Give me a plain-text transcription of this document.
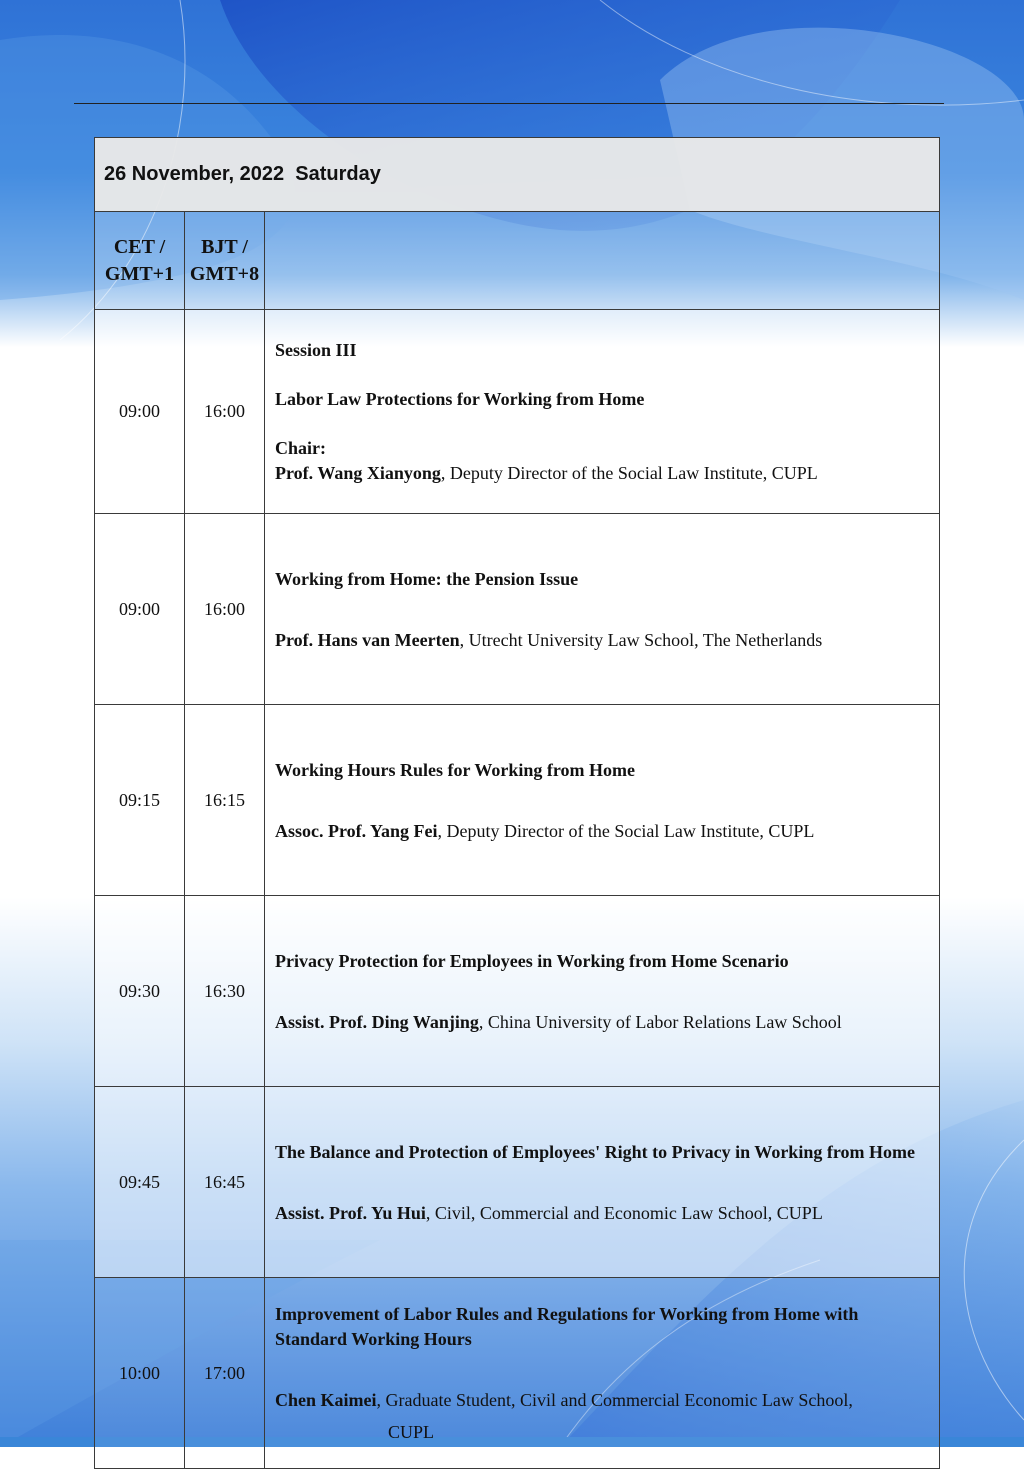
26 November, 2022  Saturday		
CET /
GMT+1	BJT /
GMT+8	
09:00	16:00	Session III
Labor Law Protections for Working from Home
Chair:
Prof. Wang Xianyong, Deputy Director of the Social Law Institute, CUPL

09:00	16:00	Working from Home: the Pension Issue
Prof. Hans van Meerten, Utrecht University Law School, The Netherlands

09:15	16:15	Working Hours Rules for Working from Home
Assoc. Prof. Yang Fei, Deputy Director of the Social Law Institute, CUPL

09:30	16:30	Privacy Protection for Employees in Working from Home Scenario
Assist. Prof. Ding Wanjing, China University of Labor Relations Law School

09:45	16:45	The Balance and Protection of Employees' Right to Privacy in Working from Home
Assist. Prof. Yu Hui, Civil, Commercial and Economic Law School, CUPL

10:00	17:00	Improvement of Labor Rules and Regulations for Working from Home with Standard Working Hours
Chen Kaimei, Graduate Student, Civil and Commercial Economic Law School,
CUPL
